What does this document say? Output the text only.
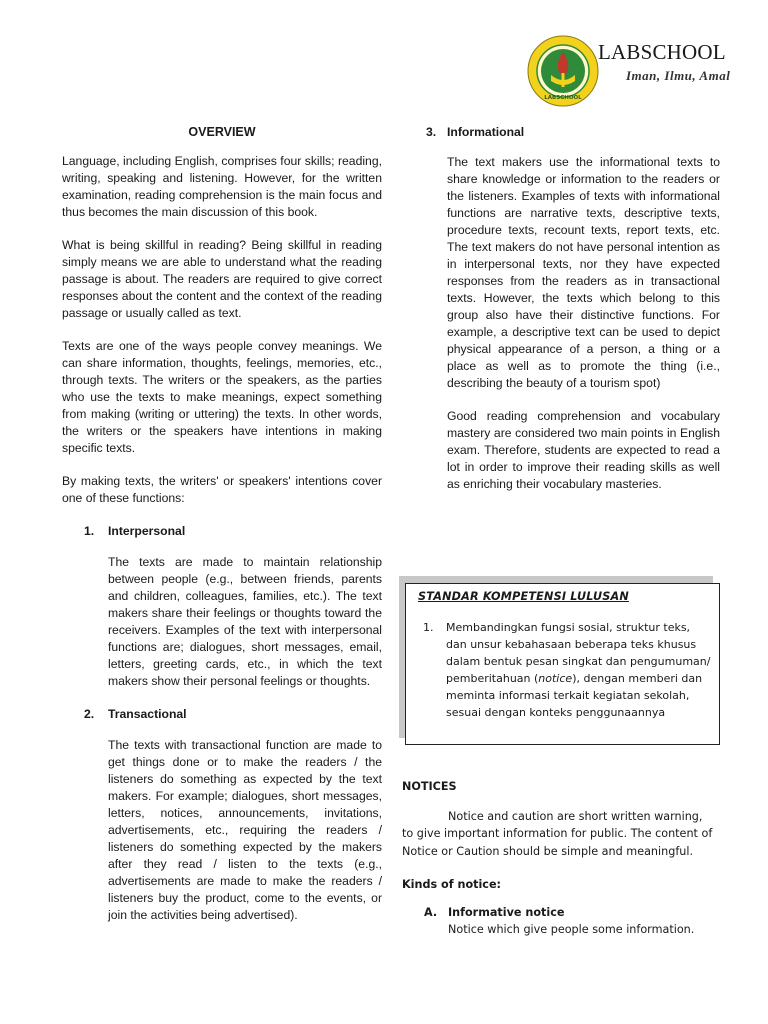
LABSCHOOL
LABSCHOOL
Iman, Ilmu, Amal
OVERVIEW

Language, including English, comprises four skills; reading, writing, speaking and listening. However, for the written examination, reading comprehension is the main focus and thus becomes the main discussion of this book.

What is being skillful in reading? Being skillful in reading simply means we are able to understand what the reading passage is about. The readers are required to give correct responses about the content and the context of the reading passage or usually called as text.

Texts are one of the ways people convey meanings. We can share information, thoughts, feelings, memories, etc., through texts. The writers or the speakers, as the parties who use the texts to make meanings, expect something from making (writing or uttering) the texts. In other words, the writers or the speakers have intentions in making specific texts.

By making texts, the writers' or speakers' intentions cover one of these functions:

1.	Interpersonal

The texts are made to maintain relationship between people (e.g., between friends, parents and children, colleagues, families, etc.). The text makers share their feelings or thoughts toward the receivers. Examples of the text with interpersonal functions are; dialogues, short messages, email, letters, greeting cards, etc., in which the text makers show their personal feelings or thoughts.

2.	Transactional

The texts with transactional function are made to get things done or to make the readers / the listeners do something as expected by the text makers. For example; dialogues, short messages, letters, notices, announcements, invitations, advertisements, etc., requiring the readers / listeners do something expected by the makers after they read / listen to the texts (e.g., advertisements are made to make the readers / listeners buy the product, come to the events, or join the activities being advertised).

3. Informational

The text makers use the informational texts to share knowledge or information to the readers or the listeners. Examples of texts with informational functions are narrative texts, descriptive texts, procedure texts, recount texts, report texts, etc. The text makers do not have personal intention as in interpersonal texts, nor they have expected responses from the readers as in transactional texts. However, the texts which belong to this group also have their distinctive functions. For example, a descriptive text can be used to depict physical appearance of a person, a thing or a place as well as to promote the thing (i.e., describing the beauty of a tourism spot)

Good reading comprehension and vocabulary mastery are considered two main points in English exam. Therefore, students are expected to read a lot in order to improve their reading skills as well as enriching their vocabulary masteries.

STANDAR KOMPETENSI LULUSAN
1.	Membandingkan fungsi sosial, struktur teks, dan unsur kebahasaan beberapa teks khusus dalam bentuk pesan singkat dan pengumuman/ pemberitahuan (notice), dengan memberi dan meminta informasi terkait kegiatan sekolah, sesuai dengan konteks penggunaannya
NOTICES
Notice and caution are short written warning,
to give important information for public. The content of Notice or Caution should be simple and meaningful.
Kinds of notice:
A. Informative notice
Notice which give people some information.
